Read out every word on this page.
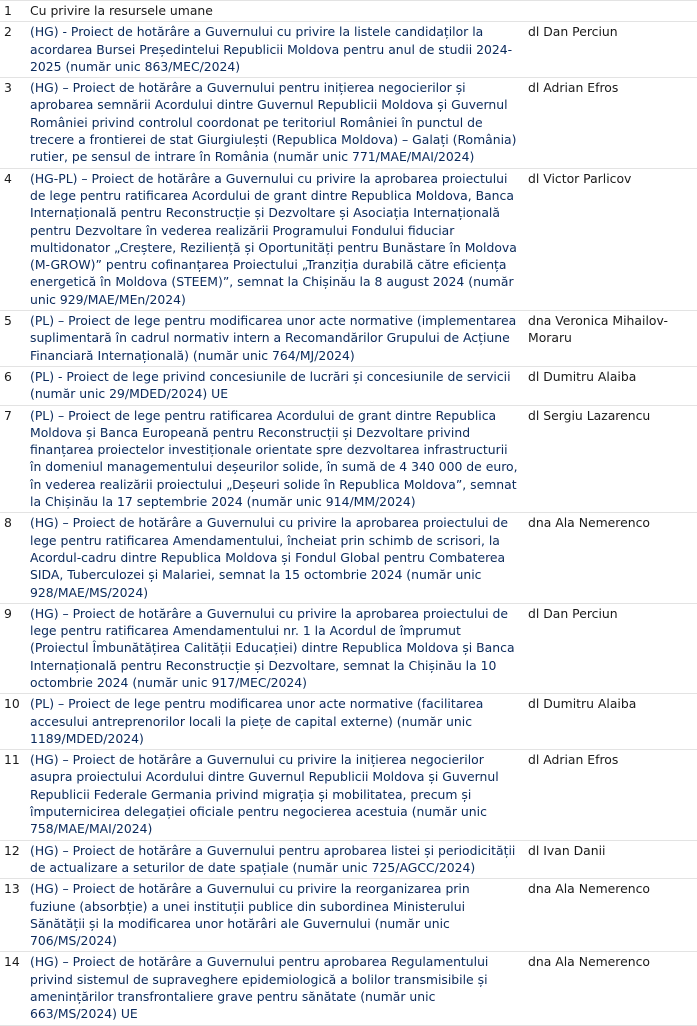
1	Cu privire la resursele umane	
2	(HG) - Proiect de hotărâre a Guvernului cu privire la listele candidaților la acordarea Bursei Președintelui Republicii Moldova pentru anul de studii 2024-2025 (număr unic 863/MEC/2024)	dl Dan Perciun
3	(HG) – Proiect de hotărâre a Guvernului pentru inițierea negocierilor și aprobarea semnării Acordului dintre Guvernul Republicii Moldova și Guvernul României privind controlul coordonat pe teritoriul României în punctul de trecere a frontierei de stat Giurgiulești (Republica Moldova) – Galați (România) rutier, pe sensul de intrare în România (număr unic 771/MAE/MAI/2024)	dl Adrian Efros
4	(HG-PL) – Proiect de hotărâre a Guvernului cu privire la aprobarea proiectului de lege pentru ratificarea Acordului de grant dintre Republica Moldova, Banca Internațională pentru Reconstrucție și Dezvoltare și Asociația Internațională pentru Dezvoltare în vederea realizării Programului Fondului fiduciar multidonator „Creștere, Reziliență și Oportunități pentru Bunăstare în Moldova (M-GROW)” pentru cofinanțarea Proiectului „Tranziția durabilă către eficiența energetică în Moldova (STEEM)”, semnat la Chișinău la 8 august 2024 (număr unic 929/MAE/MEn/2024)	dl Victor Parlicov
5	(PL) – Proiect de lege pentru modificarea unor acte normative (implementarea suplimentară în cadrul normativ intern a Recomandărilor Grupului de Acțiune Financiară Internațională) (număr unic 764/MJ/2024)	dna Veronica Mihailov-Moraru
6	(PL) - Proiect de lege privind concesiunile de lucrări și concesiunile de servicii (număr unic 29/MDED/2024) UE	dl Dumitru Alaiba
7	(PL) – Proiect de lege pentru ratificarea Acordului de grant dintre Republica Moldova și Banca Europeană pentru Reconstrucții și Dezvoltare privind finanțarea proiectelor investiționale orientate spre dezvoltarea infrastructurii în domeniul managementului deșeurilor solide, în sumă de 4 340 000 de euro, în vederea realizării proiectului „Deșeuri solide în Republica Moldova”, semnat la Chișinău la 17 septembrie 2024 (număr unic 914/MM/2024)	dl Sergiu Lazarencu
8	(HG) – Proiect de hotărâre a Guvernului cu privire la aprobarea proiectului de lege pentru ratificarea Amendamentului, încheiat prin schimb de scrisori, la Acordul-cadru dintre Republica Moldova și Fondul Global pentru Combaterea SIDA, Tuberculozei și Malariei, semnat la 15 octombrie 2024 (număr unic 928/MAE/MS/2024)	dna Ala Nemerenco
9	(HG) – Proiect de hotărâre a Guvernului cu privire la aprobarea proiectului de lege pentru ratificarea Amendamentului nr. 1 la Acordul de împrumut (Proiectul Îmbunătățirea Calității Educației) dintre Republica Moldova și Banca Internațională pentru Reconstrucție și Dezvoltare, semnat la Chișinău la 10 octombrie 2024 (număr unic 917/MEC/2024)	dl Dan Perciun
10	(PL) – Proiect de lege pentru modificarea unor acte normative (facilitarea accesului antreprenorilor locali la piețe de capital externe) (număr unic 1189/MDED/2024)	dl Dumitru Alaiba
11	(HG) – Proiect de hotărâre a Guvernului cu privire la inițierea negocierilor asupra proiectului Acordului dintre Guvernul Republicii Moldova și Guvernul Republicii Federale Germania privind migrația și mobilitatea, precum și împuternicirea delegației oficiale pentru negocierea acestuia (număr unic 758/MAE/MAI/2024)	dl Adrian Efros
12	(HG) – Proiect de hotărâre a Guvernului pentru aprobarea listei și periodicității de actualizare a seturilor de date spațiale (număr unic 725/AGCC/2024)	dl Ivan Danii
13	(HG) – Proiect de hotărâre a Guvernului cu privire la reorganizarea prin fuziune (absorbție) a unei instituții publice din subordinea Ministerului Sănătății și la modificarea unor hotărâri ale Guvernului (număr unic 706/MS/2024)	dna Ala Nemerenco
14	(HG) – Proiect de hotărâre a Guvernului pentru aprobarea Regulamentului privind sistemul de supraveghere epidemiologică a bolilor transmisibile și amenințărilor transfrontaliere grave pentru sănătate (număr unic 663/MS/2024) UE	dna Ala Nemerenco
